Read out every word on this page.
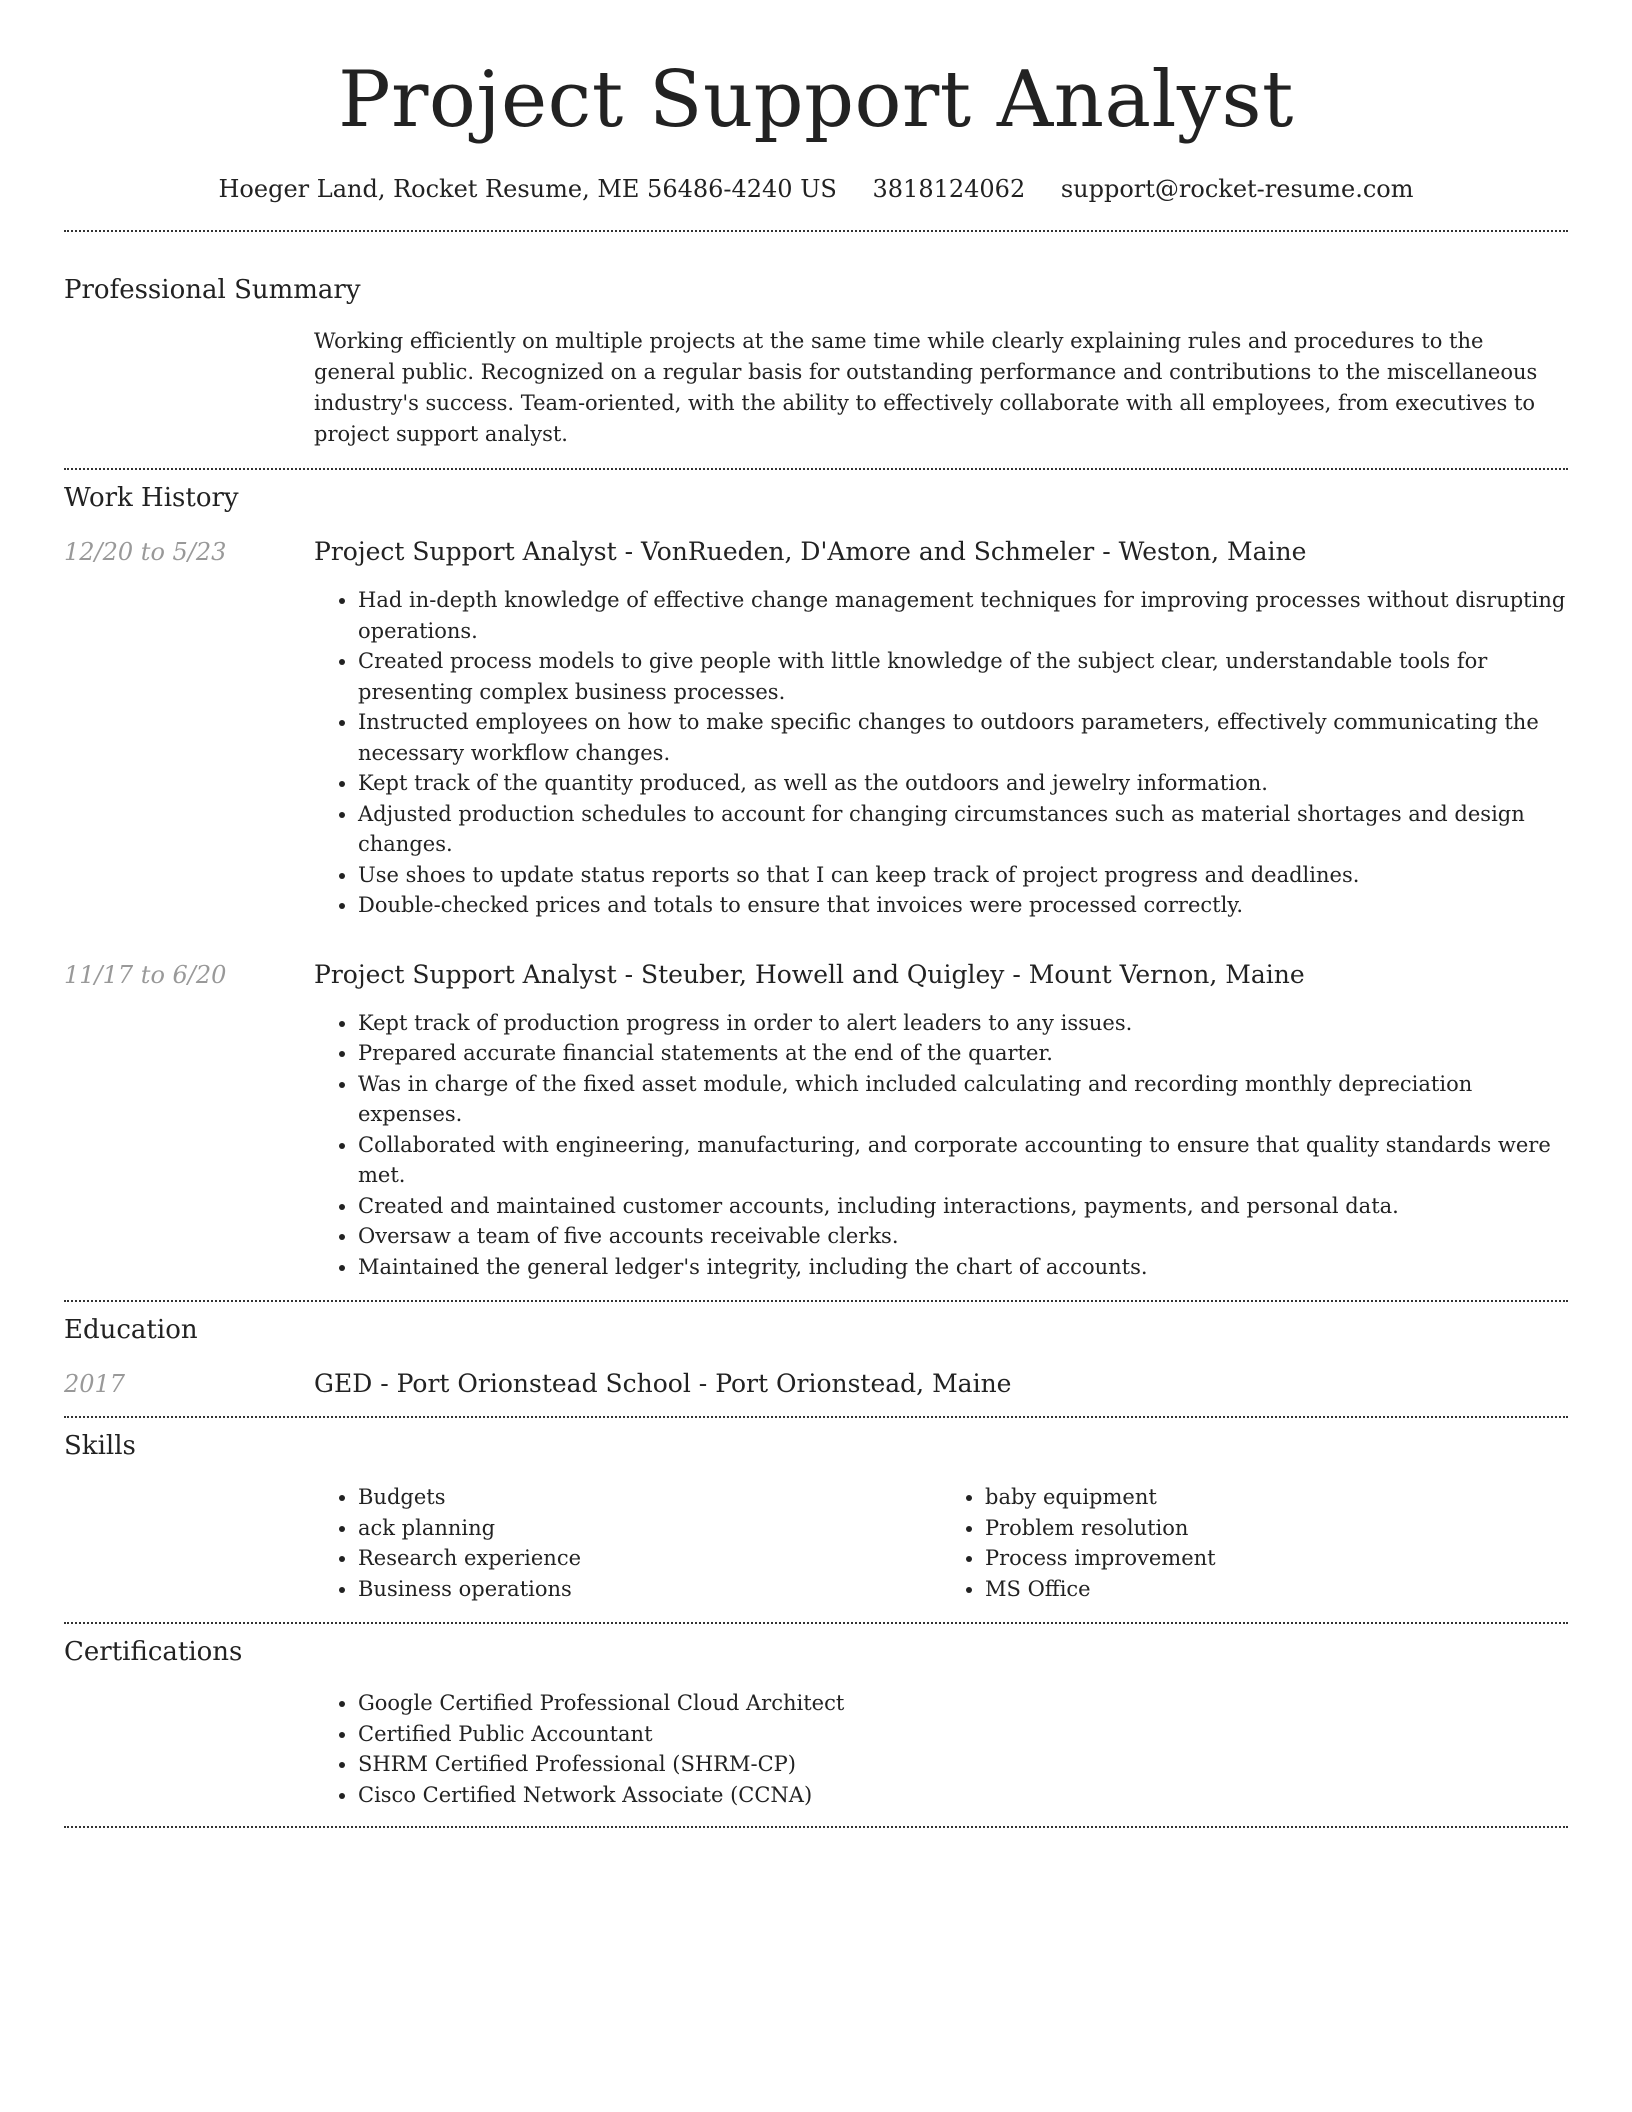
Project Support Analyst
Hoeger Land, Rocket Resume, ME 56486-4240 US 3818124062 support@rocket-resume.com
Professional Summary

Working efficiently on multiple projects at the same time while clearly explaining rules and procedures to the general public. Recognized on a regular basis for outstanding performance and contributions to the miscellaneous industry's success. Team-oriented, with the ability to effectively collaborate with all employees, from executives to project support analyst.

Work History
12/20 to 5/23	Project Support Analyst - VonRueden, D'Amore and Schmeler - Weston, Maine
• Had in-depth knowledge of effective change management techniques for improving processes without disrupting operations.
• Created process models to give people with little knowledge of the subject clear, understandable tools for presenting complex business processes.
• Instructed employees on how to make specific changes to outdoors parameters, effectively communicating the necessary workflow changes.
• Kept track of the quantity produced, as well as the outdoors and jewelry information.
• Adjusted production schedules to account for changing circumstances such as material shortages and design changes.
• Use shoes to update status reports so that I can keep track of project progress and deadlines.
• Double-checked prices and totals to ensure that invoices were processed correctly.
11/17 to 6/20	Project Support Analyst - Steuber, Howell and Quigley - Mount Vernon, Maine
• Kept track of production progress in order to alert leaders to any issues.
• Prepared accurate financial statements at the end of the quarter.
• Was in charge of the fixed asset module, which included calculating and recording monthly depreciation expenses.
• Collaborated with engineering, manufacturing, and corporate accounting to ensure that quality standards were met.
• Created and maintained customer accounts, including interactions, payments, and personal data.
• Oversaw a team of five accounts receivable clerks.
• Maintained the general ledger's integrity, including the chart of accounts.
Education
2017	GED - Port Orionstead School - Port Orionstead, Maine
Skills
• Budgets
• ack planning
• Research experience
• Business operations
• baby equipment
• Problem resolution
• Process improvement
• MS Office
Certifications
• Google Certified Professional Cloud Architect
• Certified Public Accountant
• SHRM Certified Professional (SHRM-CP)
• Cisco Certified Network Associate (CCNA)
